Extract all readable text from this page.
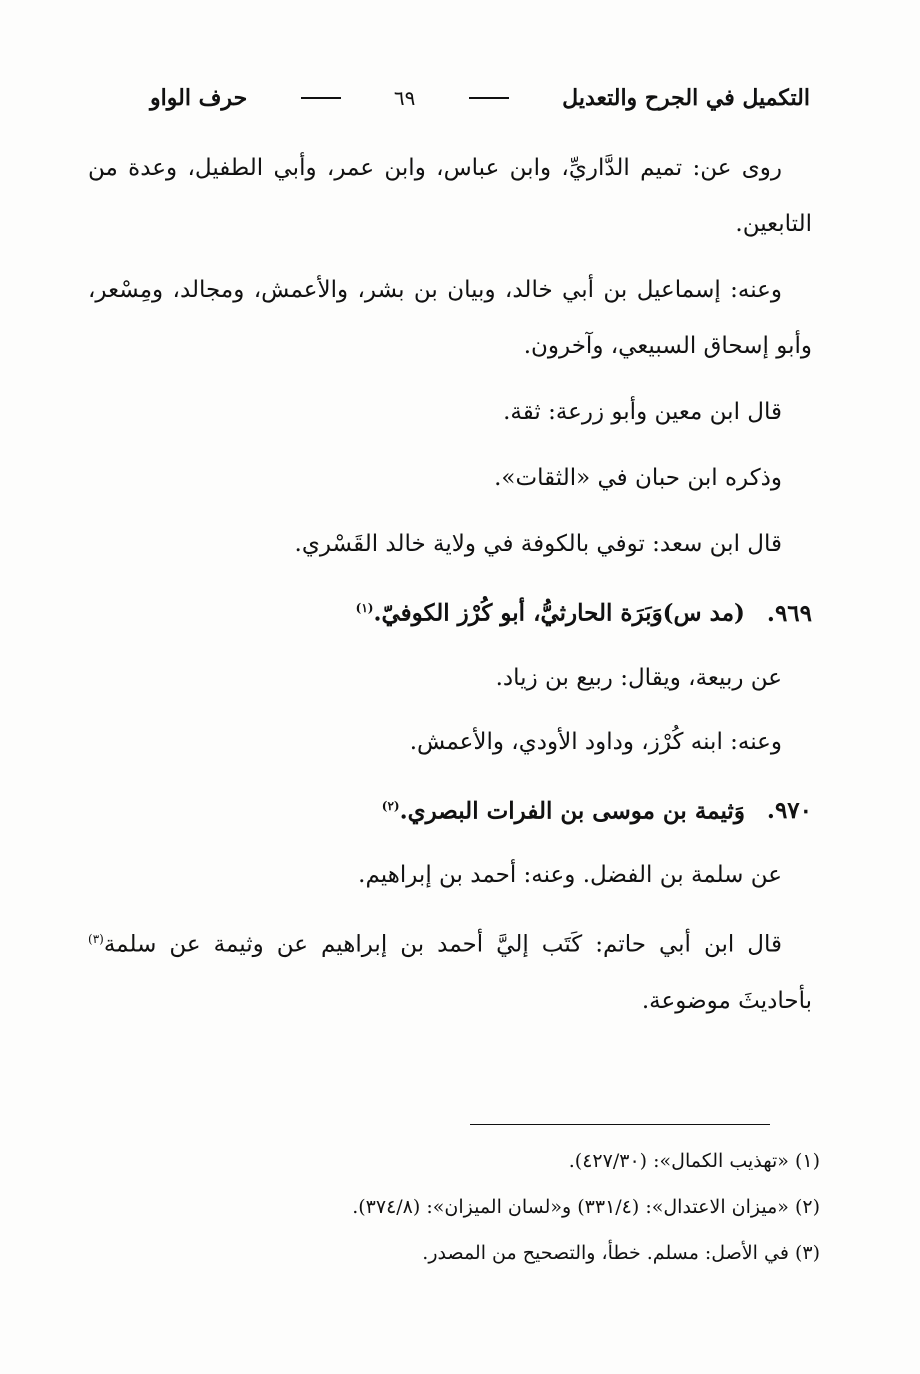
التكميل في الجرح والتعديل
٦٩
حرف الواو

روى عن: تميم الدَّاريِّ، وابن عباس، وابن عمر، وأبي الطفيل، وعدة من التابعين.

وعنه: إسماعيل بن أبي خالد، وبيان بن بشر، والأعمش، ومجالد، ومِسْعر، وأبو إسحاق السبيعي، وآخرون.

قال ابن معين وأبو زرعة: ثقة.

وذكره ابن حبان في «الثقات».

قال ابن سعد: توفي بالكوفة في ولاية خالد القَسْري.

٩٦٩.(مد س)وَبَرَة الحارثيُّ، أبو كُرْز الكوفيّ.$^{(١)}$

عن ربيعة، ويقال: ربيع بن زياد.

وعنه: ابنه كُرْز، وداود الأودي، والأعمش.

٩٧٠.وَثيمة بن موسى بن الفرات البصري.$^{(٢)}$

عن سلمة بن الفضل. وعنه: أحمد بن إبراهيم.

قال ابن أبي حاتم: كَتَب إليَّ أحمد بن إبراهيم عن وثيمة عن سلمة$^{(٣)}$ بأحاديثَ موضوعة.

(١) «تهذيب الكمال»: (٤٢٧/٣٠).

(٢) «ميزان الاعتدال»: (٣٣١/٤) و«لسان الميزان»: (٣٧٤/٨).

(٣) في الأصل: مسلم. خطأ، والتصحيح من المصدر.
